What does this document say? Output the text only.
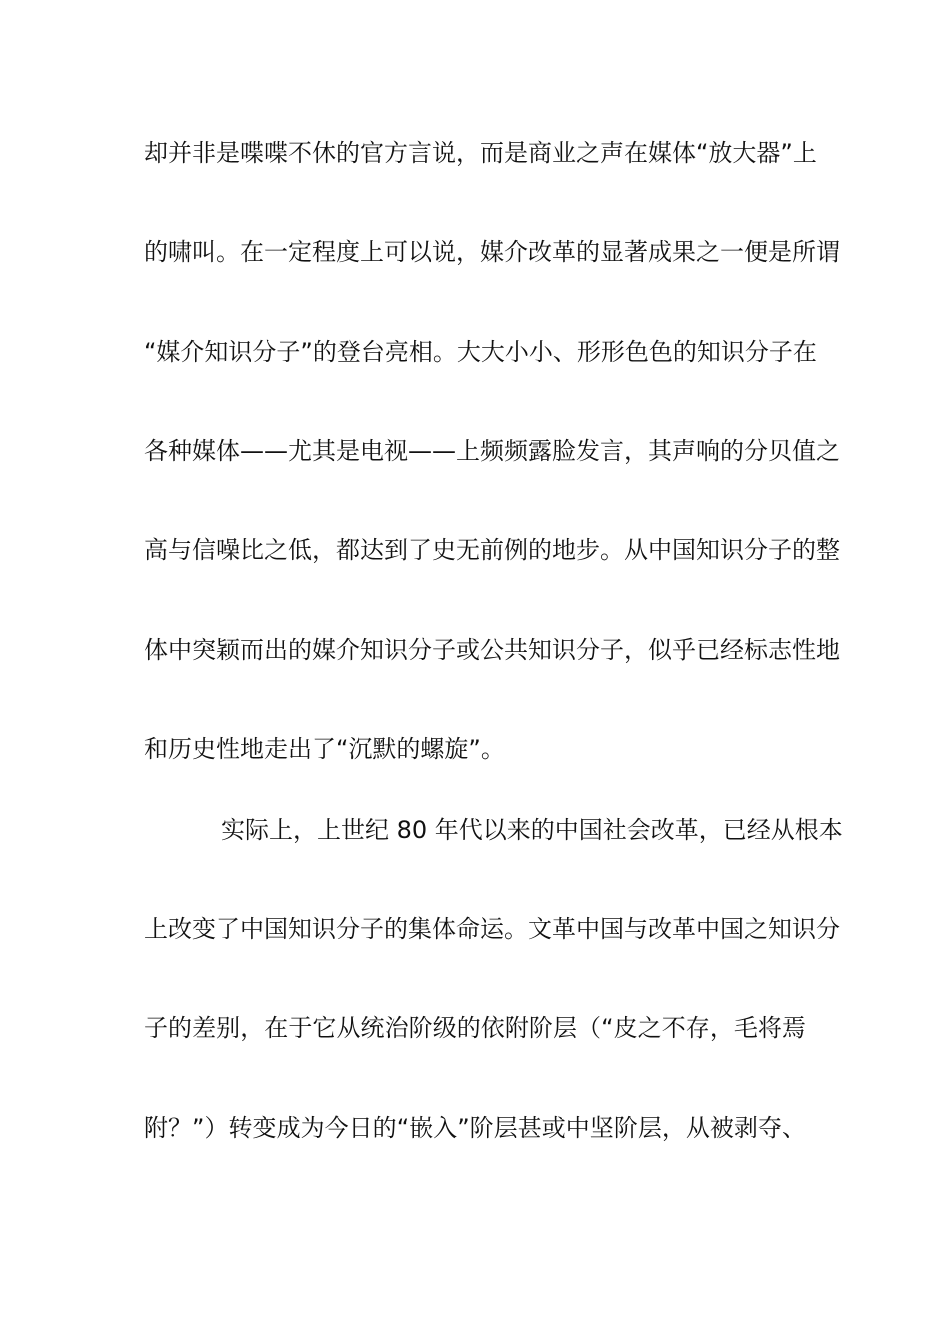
却并非是喋喋不休的官方言说，而是商业之声在媒体“放大器”上
的啸叫。在一定程度上可以说，媒介改革的显著成果之一便是所谓
“媒介知识分子”的登台亮相。大大小小、形形色色的知识分子在
各种媒体——尤其是电视——上频频露脸发言，其声响的分贝值之
高与信噪比之低，都达到了史无前例的地步。从中国知识分子的整
体中突颖而出的媒介知识分子或公共知识分子，似乎已经标志性地
和历史性地走出了“沉默的螺旋”。
实际上，上世纪 80 年代以来的中国社会改革，已经从根本
上改变了中国知识分子的集体命运。文革中国与改革中国之知识分
子的差别，在于它从统治阶级的依附阶层（“皮之不存，毛将焉
附？”）转变成为今日的“嵌入”阶层甚或中坚阶层，从被剥夺、
